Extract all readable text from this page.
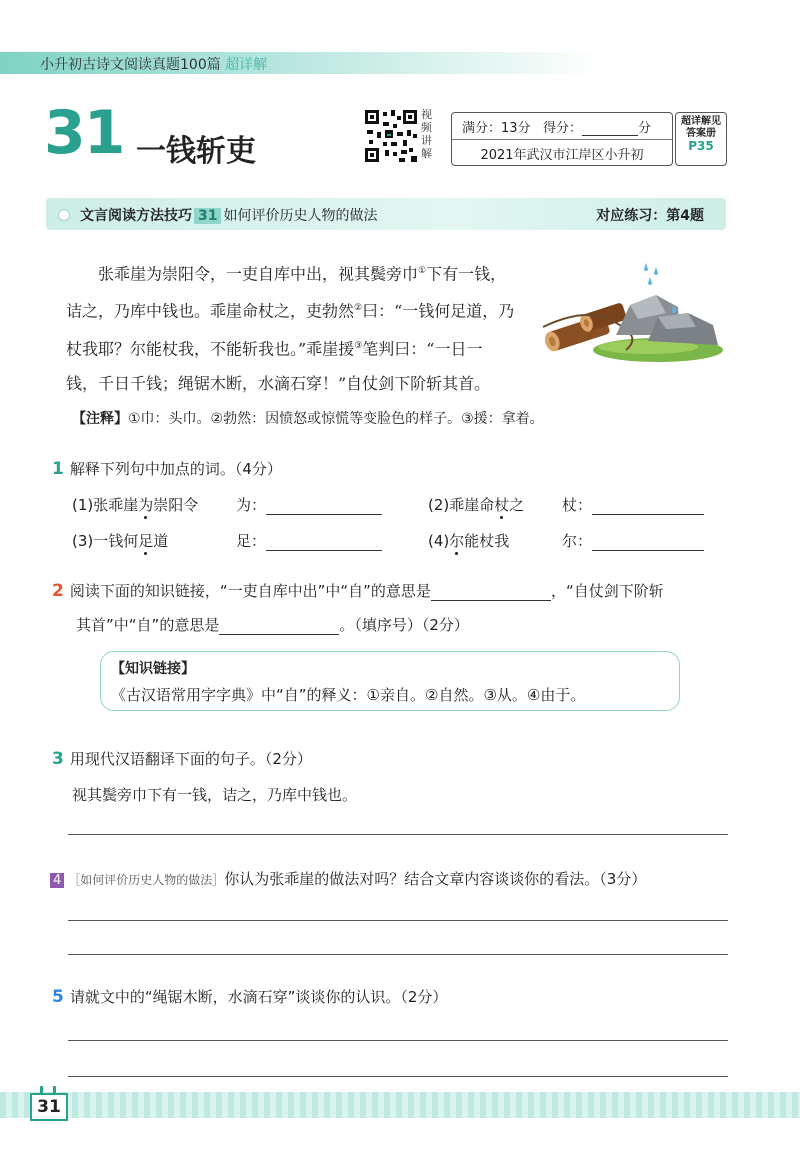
小升初古诗文阅读真题100篇 超详解
31 一钱斩吏
视
频
讲
解
满分：13分 得分：	分
2021年武汉市江岸区小升初
超详解见
答案册
P35
文言阅读方法技巧 31 如何评价历史人物的做法	对应练习：第4题

张乖崖为崇阳令，一吏自库中出，视其鬓旁巾①下有一钱，

诘之，乃库中钱也。乖崖命杖之，吏勃然②曰：“一钱何足道，乃

杖我耶？尔能杖我，不能斩我也。”乖崖援③笔判曰：“一日一

钱，千日千钱；绳锯木断，水滴石穿！”自仗剑下阶斩其首。

【注释】①巾：头巾。②勃然：因愤怒或惊慌等变脸色的样子。③援：拿着。
1 解释下列句中加点的词。（4分）
(1)张乖崖为崇阳令	为：	(2)乖崖命杖之	杖：
(3)一钱何足道	足：	(4)尔能杖我	尔：
2 阅读下面的知识链接，“一吏自库中出”中“自”的意思是	，“自仗剑下阶斩
其首”中“自”的意思是	。（填序号）（2分）
【知识链接】
《古汉语常用字字典》中“自”的释义：①亲自。②自然。③从。④由于。
3 用现代汉语翻译下面的句子。（2分）
视其鬓旁巾下有一钱，诘之，乃库中钱也。
4 ［如何评价历史人物的做法］你认为张乖崖的做法对吗？结合文章内容谈谈你的看法。（3分）
5 请就文中的“绳锯木断，水滴石穿”谈谈你的认识。（2分）
31
